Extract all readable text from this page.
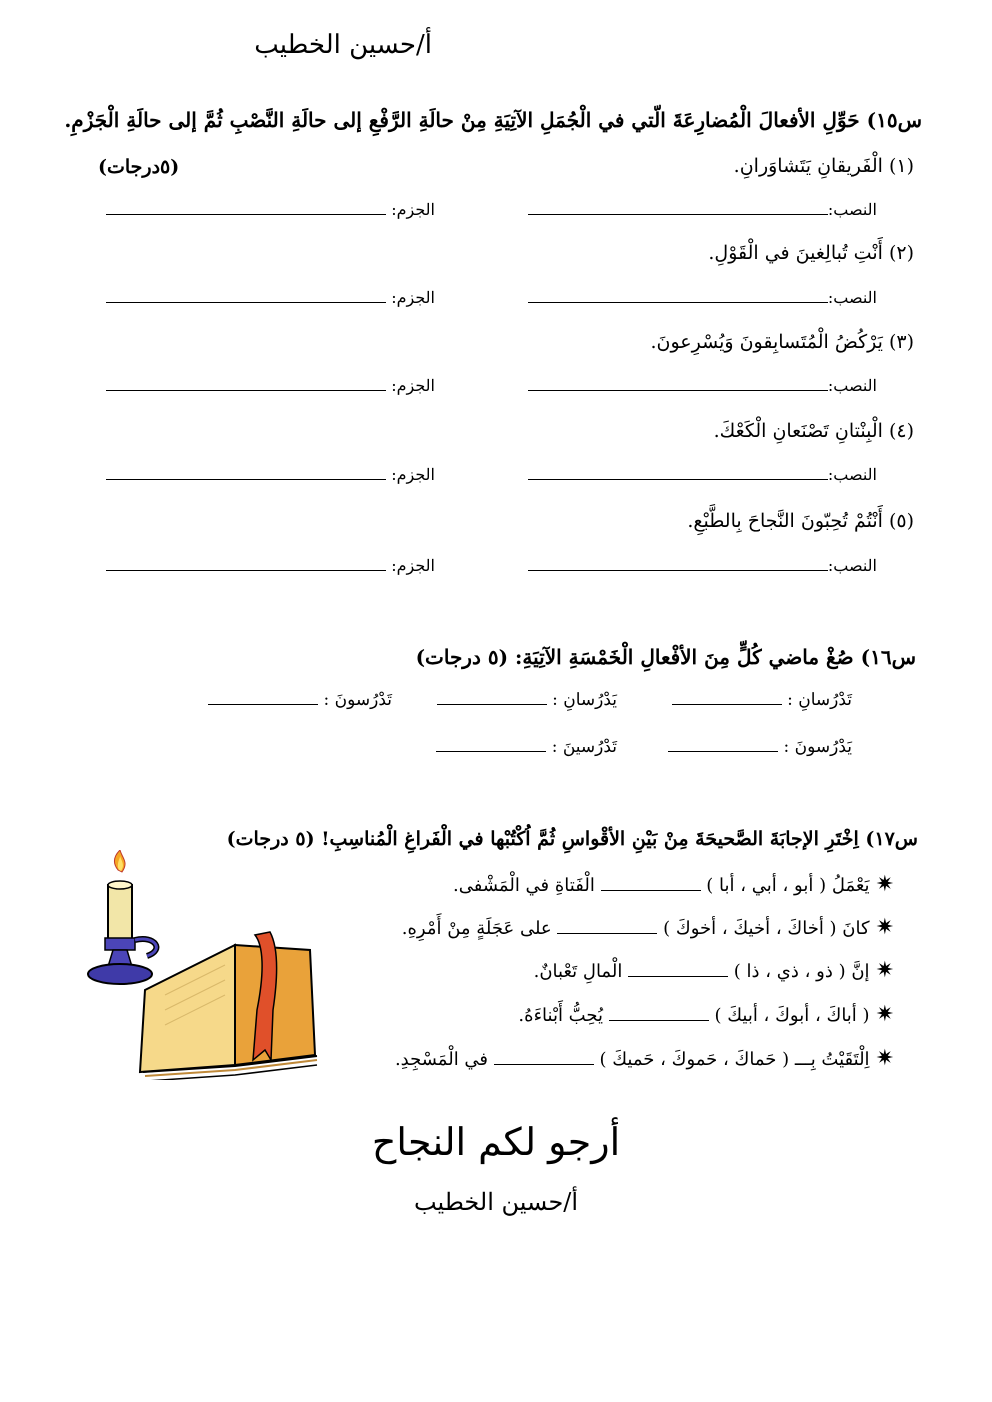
أ/حسين الخطيب
س١٥) حَوِّلِ الأفعالَ الْمُضارِعَةَ الّتي في الْجُمَلِ الآتِيَةِ مِنْ حالَةِ الرَّفْعِ إلى حالَةِ النَّصْبِ ثُمَّ إلى حالَةِ الْجَزْمِ.
(٥درجات)	(١) الْفَريقانِ يَتَشاوَرانِ.
النصب:
الجزم:
(٢) أَنْتِ تُبالِغينَ في الْقَوْلِ.
النصب:
الجزم:
(٣) يَرْكُضُ الْمُتَسابِقونَ وَيُسْرِعونَ.
النصب:
الجزم:
(٤) الْبِنْتانِ تَصْنَعانِ الْكَعْكَ.
النصب:
الجزم:
(٥) أَنْتُمْ تُحِبّونَ النَّجاحَ بِالطَّبْعِ.
النصب:
الجزم:
س١٦) صُغْ ماضي كُلٍّ مِنَ الأفْعالِ الْخَمْسَةِ الآتِيَةِ: (٥ درجات)
تَدْرُسانِ :
يَدْرُسانِ :
تَدْرُسونَ :
يَدْرُسونَ :
تَدْرُسينَ :
س١٧) اِخْتَرِ الإجابَةَ الصَّحيحَةَ مِنْ بَيْنِ الأقْواسِ ثُمَّ اُكْتُبْها في الْفَراغِ الْمُناسِبِ! (٥ درجات)
✷يَعْمَلُ ( أبو ، أبي ، أبا )  الْفَتاةِ في الْمَشْفى.
✷كانَ ( أخاكَ ، أخيكَ ، أخوكَ )  على عَجَلَةٍ مِنْ أَمْرِهِ.
✷إنَّ ( ذو ، ذي ، ذا )  الْمالِ تَعْبانٌ.
✷( أباكَ ، أبوكَ ، أبيكَ )  يُحِبُّ أَبْناءَهُ.
✷اِلْتَقَيْتُ بِـــ ( حَماكَ ، حَموكَ ، حَميكَ )  في الْمَسْجِدِ.
أرجو لكم النجاح
أ/حسين الخطيب
